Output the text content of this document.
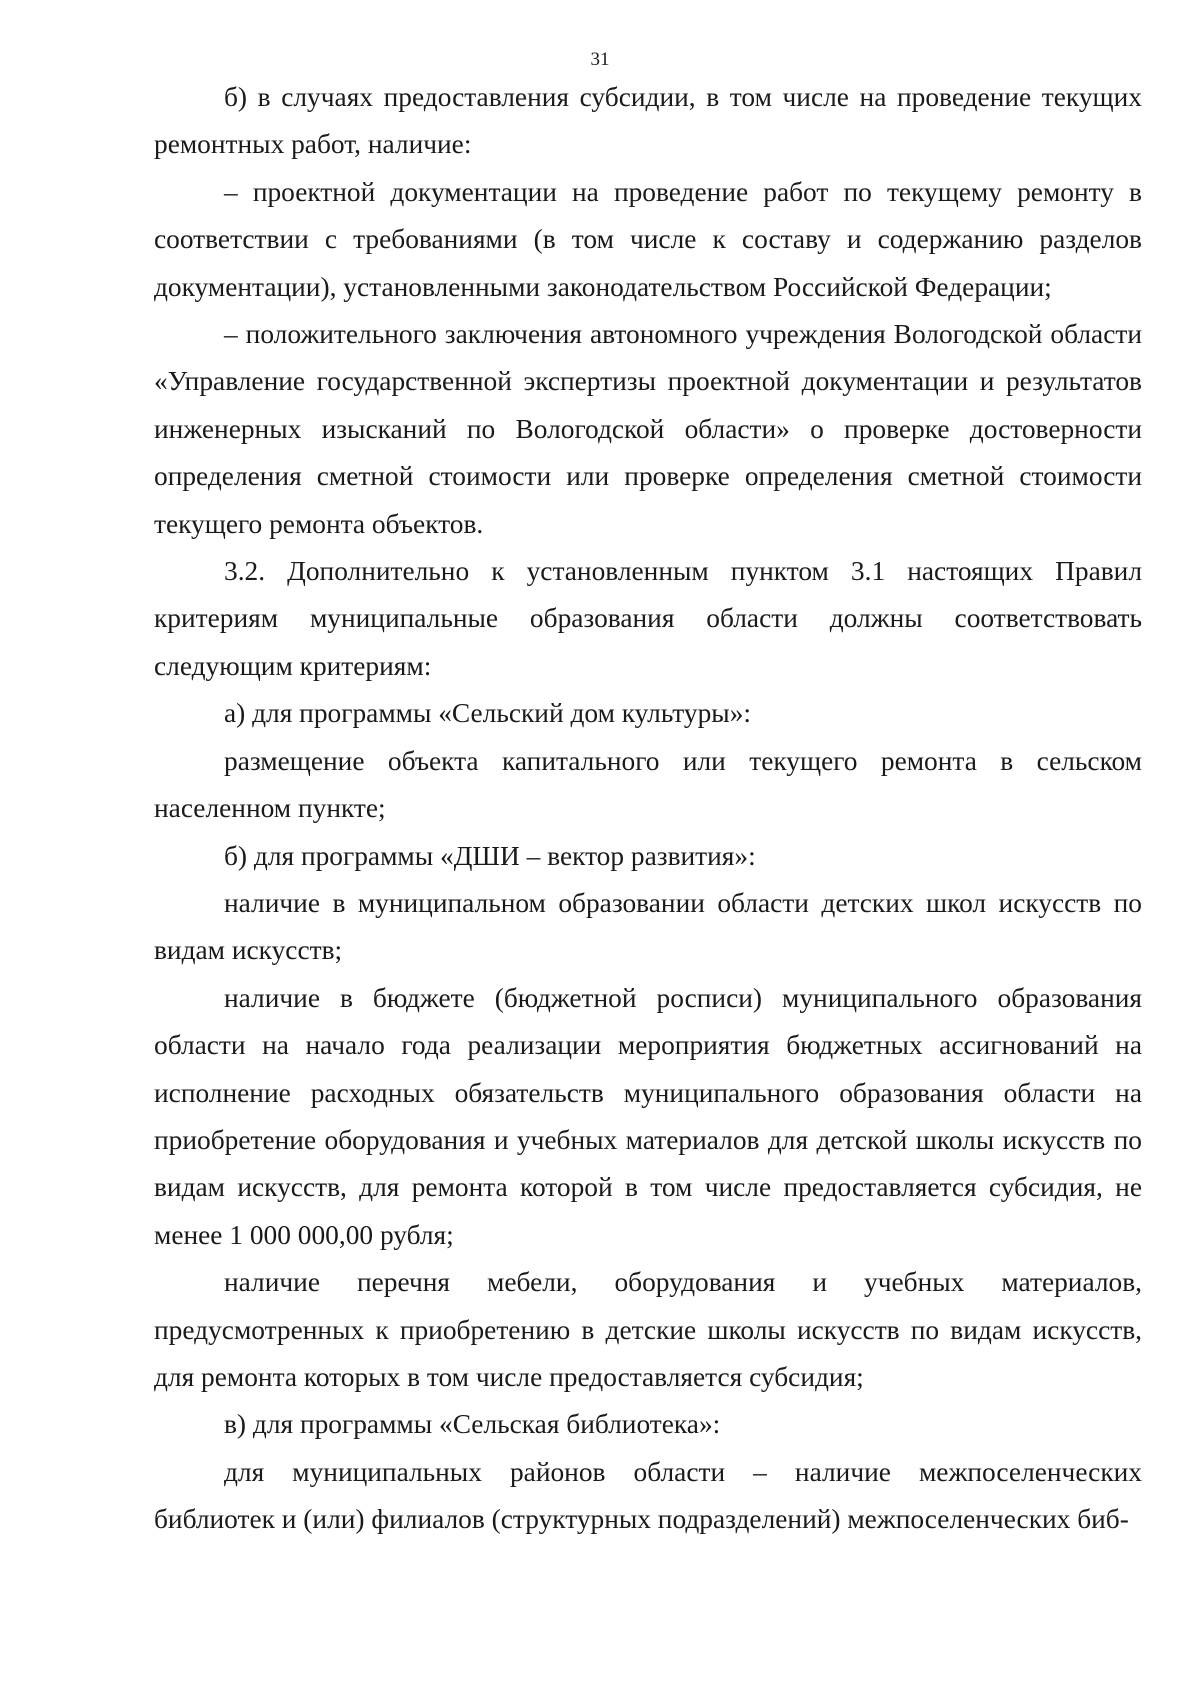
31

б) в случаях предоставления субсидии, в том числе на проведение текущих ремонтных работ, наличие:

– проектной документации на проведение работ по текущему ремонту в соответствии с требованиями (в том числе к составу и содержанию разделов документации), установленными законодательством Российской Федерации;

– положительного заключения автономного учреждения Вологодской области «Управление государственной экспертизы проектной документации и результатов инженерных изысканий по Вологодской области» о проверке достоверности определения сметной стоимости или проверке определения сметной стоимости текущего ремонта объектов.

3.2. Дополнительно к установленным пунктом 3.1 настоящих Правил критериям муниципальные образования области должны соответствовать следующим критериям:

а) для программы «Сельский дом культуры»:

размещение объекта капитального или текущего ремонта в сельском населенном пункте;

б) для программы «ДШИ – вектор развития»:

наличие в муниципальном образовании области детских школ искусств по видам искусств;

наличие в бюджете (бюджетной росписи) муниципального образования области на начало года реализации мероприятия бюджетных ассигнований на исполнение расходных обязательств муниципального образования области на приобретение оборудования и учебных материалов для детской школы искусств по видам искусств, для ремонта которой в том числе предоставляется субсидия, не менее 1 000 000,00 рубля;

наличие перечня мебели, оборудования и учебных материалов, предусмотренных к приобретению в детские школы искусств по видам искусств, для ремонта которых в том числе предоставляется субсидия;

в) для программы «Сельская библиотека»:

для муниципальных районов области – наличие межпоселенческих библиотек и (или) филиалов (структурных подразделений) межпоселенческих биб-
